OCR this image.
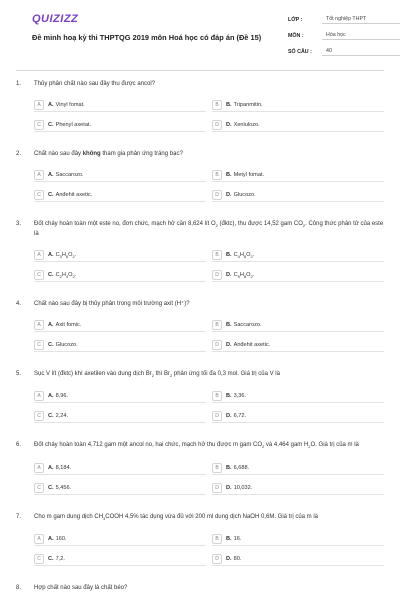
QUIZIZZ
Đề minh hoạ kỳ thi THPTQG 2019 môn Hoá học có đáp án (Đề 15)
LỚP :	Tốt nghiệp THPT
MÔN :	Hóa học
SỐ CÂU :	40
1.	Thủy phân chất nào sau đây thu được ancol?
A	A. Vinyl fomat.	B	B. Tripanmitin.
C	C. Phenyl axetat.	D	D. Xenlulozo.
2.	Chất nào sau đây không tham gia phản ứng tráng bạc?
A	A. Saccarozo.	B	B. Metyl fomat.
C	C. Anđehit axetic.	D	D. Glucozo.
3.	Đốt cháy hoàn toàn một este no, đơn chức, mạch hở cần 8,624 lít $O_2$ (đktc), thu được 14,52 gam $CO_2$. Công thức phân tử của este là
A	A. $C_3H_6O_2$.	B	B. $C_4H_8O_2$.
C	C. $C_2H_4O_2$.	D	D. $C_5H_8O_2$.
4.	Chất nào sau đây bị thủy phân trong môi trường axit (H⁺)?
A	A. Axit fomic.	B	B. Saccarozo.
C	C. Glucozo.	D	D. Anđehit axetic.
5.	Sục V lít (đktc) khí axetilen vào dung dịch $Br_2$ thì $Br_2$ phản ứng tối đa 0,3 mol. Giá trị của V là
A	A. 8,96.	B	B. 3,36.
C	C. 2,24.	D	D. 6,72.
6.	Đốt cháy hoàn toàn 4,712 gam một ancol no, hai chức, mạch hở thu được m gam $CO_2$ và 4,464 gam $H_2O$. Giá trị của m là
A	A. 8,184.	B	B. 6,688.
C	C. 5,456.	D	D. 10,032.
7.	Cho m gam dung dịch $CH_3COOH$ 4,5% tác dụng vừa đủ với 200 ml dung dịch NaOH 0,6M. Giá trị của m là
A	A. 160.	B	B. 16.
C	C. 7,2.	D	D. 80.
8.	Hợp chất nào sau đây là chất béo?
